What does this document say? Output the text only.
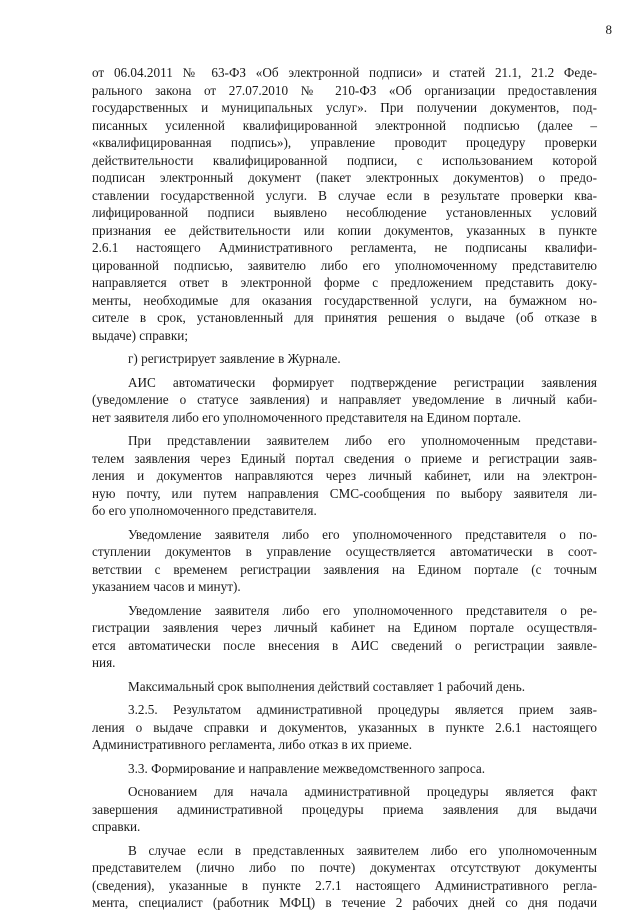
8
от 06.04.2011 № 63-ФЗ «Об электронной подписи» и статей 21.1, 21.2 Феде-
рального закона от 27.07.2010 № 210-ФЗ «Об организации предоставления
государственных и муниципальных услуг». При получении документов, под-
писанных усиленной квалифицированной электронной подписью (далее –
«квалифицированная подпись»), управление проводит процедуру проверки
действительности квалифицированной подписи, с использованием которой
подписан электронный документ (пакет электронных документов) о предо-
ставлении государственной услуги. В случае если в результате проверки ква-
лифицированной подписи выявлено несоблюдение установленных условий
признания ее действительности или копии документов, указанных в пункте
2.6.1 настоящего Административного регламента, не подписаны квалифи-
цированной подписью, заявителю либо его уполномоченному представителю
направляется ответ в электронной форме с предложением представить доку-
менты, необходимые для оказания государственной услуги, на бумажном но-
сителе в срок, установленный для принятия решения о выдаче (об отказе в
выдаче) справки;
г) регистрирует заявление в Журнале.
АИС автоматически формирует подтверждение регистрации заявления
(уведомление о статусе заявления) и направляет уведомление в личный каби-
нет заявителя либо его уполномоченного представителя на Едином портале.
При представлении заявителем либо его уполномоченным представи-
телем заявления через Единый портал сведения о приеме и регистрации заяв-
ления и документов направляются через личный кабинет, или на электрон-
ную почту, или путем направления СМС-сообщения по выбору заявителя ли-
бо его уполномоченного представителя.
Уведомление заявителя либо его уполномоченного представителя о по-
ступлении документов в управление осуществляется автоматически в соот-
ветствии с временем регистрации заявления на Едином портале (с точным
указанием часов и минут).
Уведомление заявителя либо его уполномоченного представителя о ре-
гистрации заявления через личный кабинет на Едином портале осуществля-
ется автоматически после внесения в АИС сведений о регистрации заявле-
ния.
Максимальный срок выполнения действий составляет 1 рабочий день.
3.2.5. Результатом административной процедуры является прием заяв-
ления о выдаче справки и документов, указанных в пункте 2.6.1 настоящего
Административного регламента, либо отказ в их приеме.
3.3. Формирование и направление межведомственного запроса.
Основанием для начала административной процедуры является факт
завершения административной процедуры приема заявления для выдачи
справки.
В случае если в представленных заявителем либо его уполномоченным
представителем (лично либо по почте) документах отсутствуют документы
(сведения), указанные в пункте 2.7.1 настоящего Административного регла-
мента, специалист (работник МФЦ) в течение 2 рабочих дней со дня подачи
